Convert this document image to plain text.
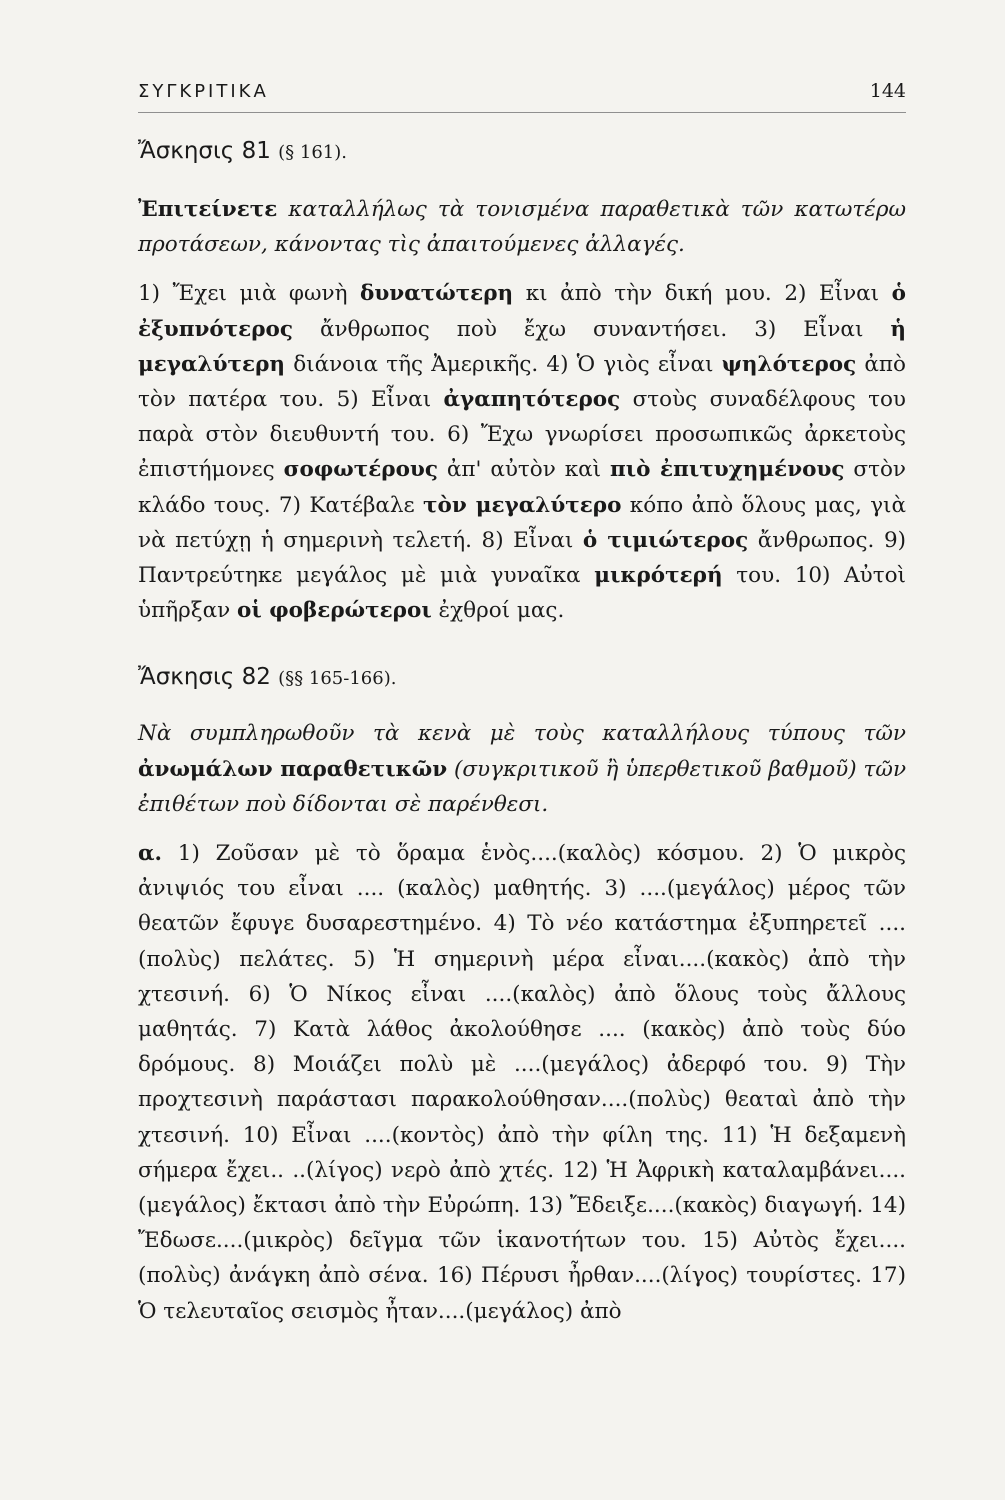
ΣΥΓΚΡΙΤΙΚΑ	144
Ἄσκησις 81 (§ 161).

Ἐπιτείνετε καταλλήλως τὰ τονισμένα παραθετικὰ τῶν κατωτέρω προτάσεων, κάνοντας τὶς ἀπαιτούμενες ἀλλαγές.

1) Ἔχει μιὰ φωνὴ δυνατώτερη κι ἀπὸ τὴν δική μου. 2) Εἶναι ὁ ἐξυπνότερος ἄνθρωπος ποὺ ἔχω συναντήσει. 3) Εἶναι ἡ μεγαλύτερη διάνοια τῆς Ἀμερικῆς. 4) Ὁ γιὸς εἶναι ψηλότερος ἀπὸ τὸν πατέρα του. 5) Εἶναι ἀγαπητότερος στοὺς συναδέλφους του παρὰ στὸν διευθυντή του. 6) Ἔχω γνωρίσει προσωπικῶς ἀρκετοὺς ἐπιστήμονες σοφωτέρους ἀπ' αὐτὸν καὶ πιὸ ἐπιτυχημένους στὸν κλάδο τους. 7) Κατέβαλε τὸν μεγαλύτερο κόπο ἀπὸ ὅλους μας, γιὰ νὰ πετύχῃ ἡ σημερινὴ τελετή. 8) Εἶναι ὁ τιμιώτερος ἄνθρωπος. 9) Παντρεύτηκε μεγάλος μὲ μιὰ γυναῖκα μικρότερή του. 10) Αὐτοὶ ὑπῆρξαν οἱ φοβερώτεροι ἐχθροί μας.

Ἄσκησις 82 (§§ 165-166).

Νὰ συμπληρωθοῦν τὰ κενὰ μὲ τοὺς καταλλήλους τύπους τῶν ἀνωμάλων παραθετικῶν (συγκριτικοῦ ἢ ὑπερθετικοῦ βαθμοῦ) τῶν ἐπιθέτων ποὺ δίδονται σὲ παρένθεσι.

α. 1) Ζοῦσαν μὲ τὸ ὅραμα ἑνὸς....(καλὸς) κόσμου. 2) Ὁ μικρὸς ἀνιψιός του εἶναι .... (καλὸς) μαθητής. 3) ....(μεγάλος) μέρος τῶν θεατῶν ἔφυγε δυσαρεστημένο. 4) Τὸ νέο κατάστημα ἐξυπηρετεῖ .... (πολὺς) πελάτες. 5) Ἡ σημερινὴ μέρα εἶναι....(κακὸς) ἀπὸ τὴν χτεσινή. 6) Ὁ Νίκος εἶναι ....(καλὸς) ἀπὸ ὅλους τοὺς ἄλλους μαθητάς. 7) Κατὰ λάθος ἀκολούθησε .... (κακὸς) ἀπὸ τοὺς δύο δρόμους. 8) Μοιάζει πολὺ μὲ ....(μεγάλος) ἀδερφό του. 9) Τὴν προχτεσινὴ παράστασι παρακολούθησαν....(πολὺς) θεαταὶ ἀπὸ τὴν χτεσινή. 10) Εἶναι ....(κοντὸς) ἀπὸ τὴν φίλη της. 11) Ἡ δεξαμενὴ σήμερα ἔχει.. ..(λίγος) νερὸ ἀπὸ χτές. 12) Ἡ Ἀφρικὴ καταλαμβάνει....(μεγάλος) ἔκτασι ἀπὸ τὴν Εὐρώπη. 13) Ἔδειξε....(κακὸς) διαγωγή. 14) Ἔδωσε....(μικρὸς) δεῖγμα τῶν ἱκανοτήτων του. 15) Αὐτὸς ἔχει....(πολὺς) ἀνάγκη ἀπὸ σένα. 16) Πέρυσι ἦρθαν....(λίγος) τουρίστες. 17) Ὁ τελευταῖος σεισμὸς ἦταν....(μεγάλος) ἀπὸ
